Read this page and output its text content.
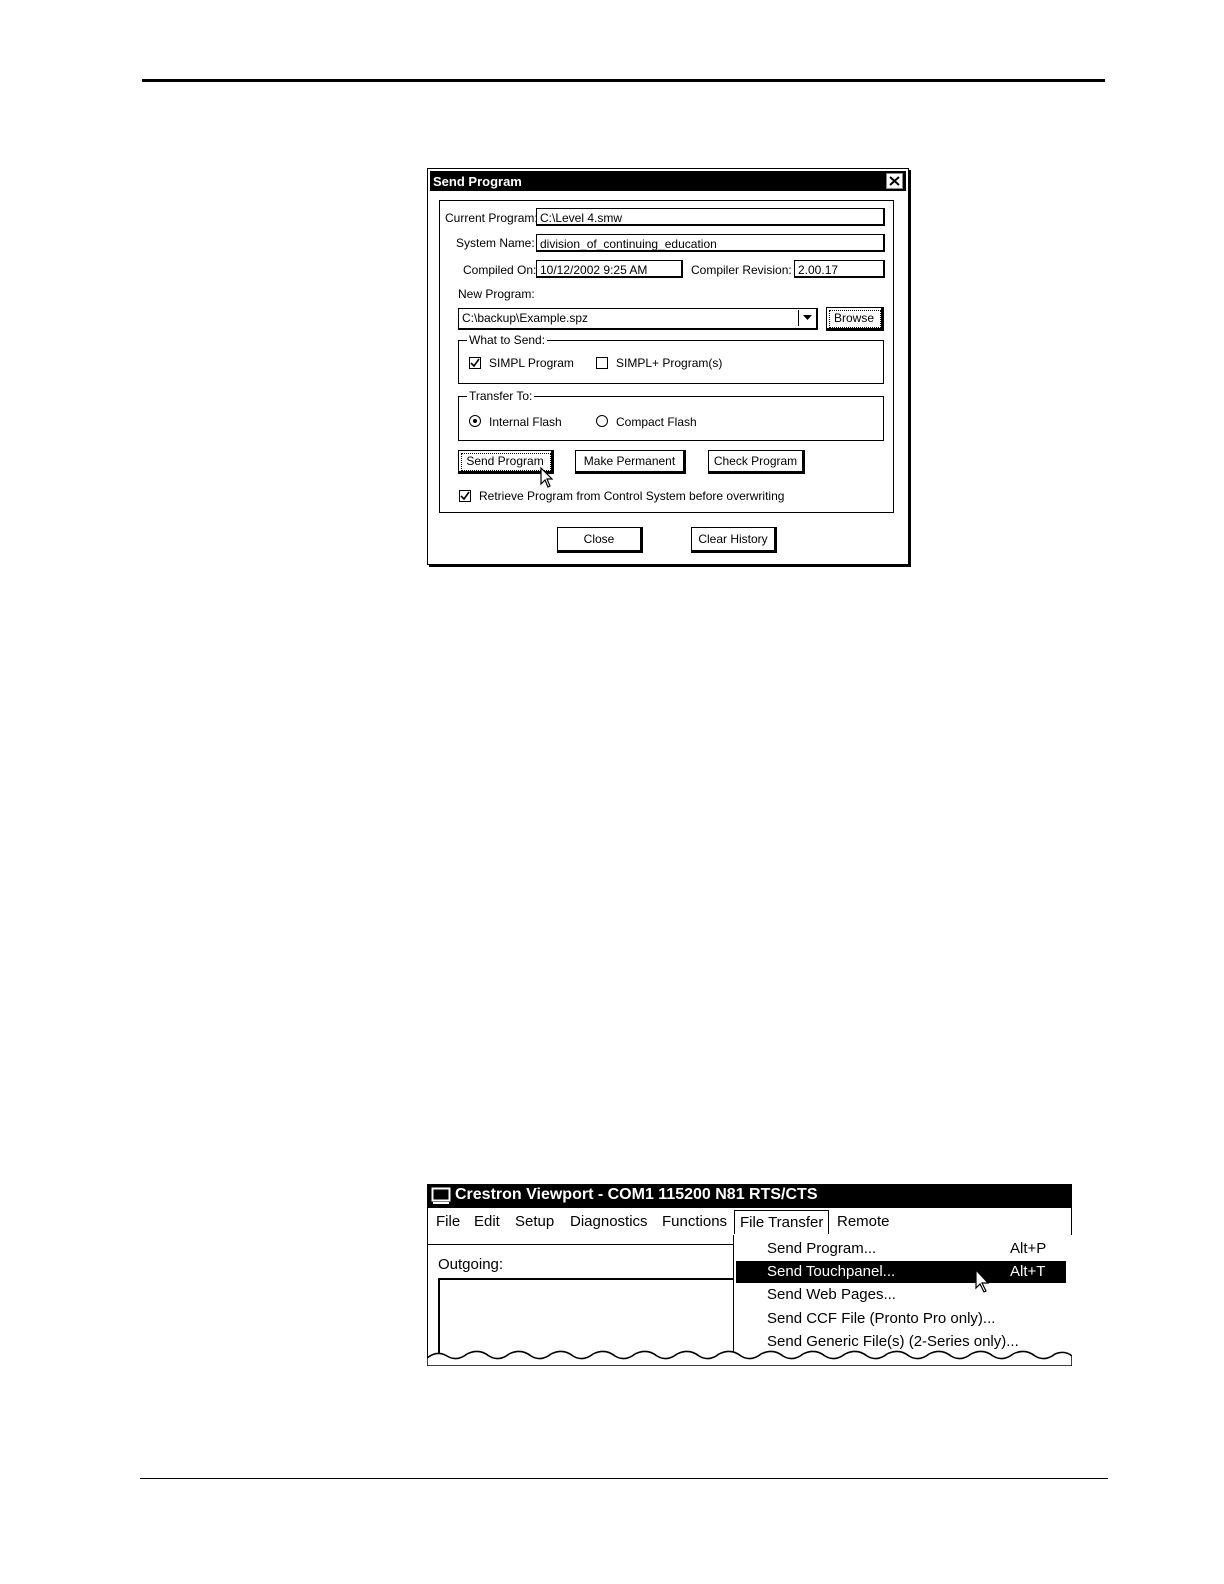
Send Program
Current Program: C:\Level 4.smw
System Name: division_of_continuing_education
Compiled On: 10/12/2002 9:25 AM	Compiler Revision: 2.00.17
New Program:
C:\backup\Example.spz	Browse
What to Send:
SIMPL Program	SIMPL+ Program(s)
Transfer To:
Internal Flash	Compact Flash
Send Program	Make Permanent	Check Program
Retrieve Program from Control System before overwriting
Close	Clear History
Crestron Viewport - COM1 115200 N81 RTS/CTS
File Edit Setup Diagnostics Functions File Transfer Remote
Outgoing:
Send Program...	Alt+P
Send Touchpanel...	Alt+T
Send Web Pages...
Send CCF File (Pronto Pro only)...
Send Generic File(s) (2-Series only)...
